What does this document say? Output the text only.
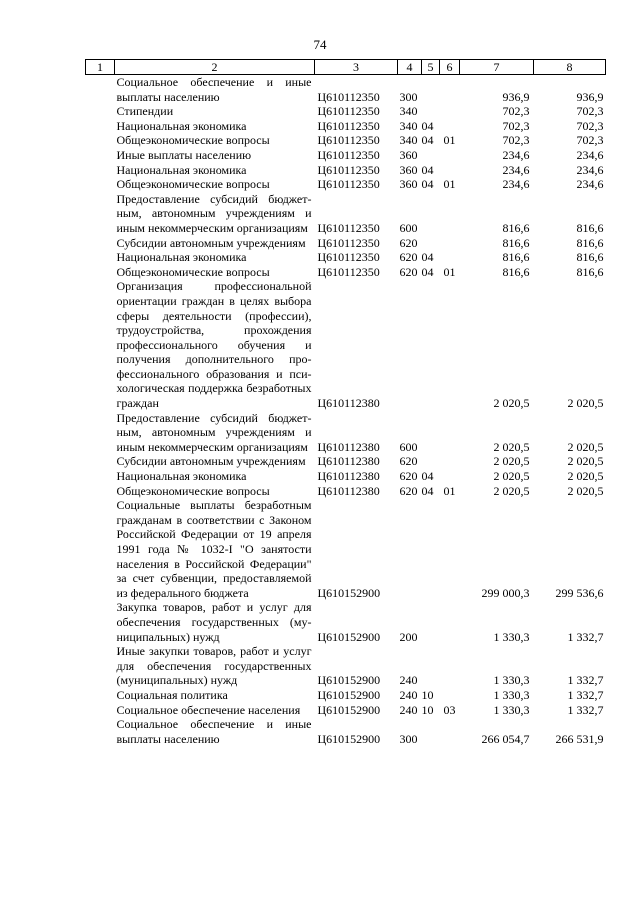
74
1	2	3	4	5	6	7	8
	Социальное обеспечение и иные выплаты населению	Ц610112350	300			936,9	936,9
	Стипендии	Ц610112350	340			702,3	702,3
	Национальная экономика	Ц610112350	340	04		702,3	702,3
	Общеэкономические вопросы	Ц610112350	340	04	01	702,3	702,3
	Иные выплаты населению	Ц610112350	360			234,6	234,6
	Национальная экономика	Ц610112350	360	04		234,6	234,6
	Общеэкономические вопросы	Ц610112350	360	04	01	234,6	234,6
	Предоставление субсидий бюджетным, автономным учреждениям и иным некоммерческим организациям	Ц610112350	600			816,6	816,6
	Субсидии автономным учреждениям	Ц610112350	620			816,6	816,6
	Национальная экономика	Ц610112350	620	04		816,6	816,6
	Общеэкономические вопросы	Ц610112350	620	04	01	816,6	816,6
	Организация профессиональной ориентации граждан в целях выбора сферы деятельности (профессии), трудоустройства, прохождения профессионального обучения и получения дополнительного профессионального образования и психологическая поддержка безработных граждан	Ц610112380				2 020,5	2 020,5
	Предоставление субсидий бюджетным, автономным учреждениям и иным некоммерческим организациям	Ц610112380	600			2 020,5	2 020,5
	Субсидии автономным учреждениям	Ц610112380	620			2 020,5	2 020,5
	Национальная экономика	Ц610112380	620	04		2 020,5	2 020,5
	Общеэкономические вопросы	Ц610112380	620	04	01	2 020,5	2 020,5
	Социальные выплаты безработным гражданам в соответствии с Законом Российской Федерации от 19 апреля 1991 года № 1032-I "О занятости населения в Российской Федерации" за счет субвенции, предоставляемой из федерального бюджета	Ц610152900				299 000,3	299 536,6
	Закупка товаров, работ и услуг для обеспечения государственных (муниципальных) нужд	Ц610152900	200			1 330,3	1 332,7
	Иные закупки товаров, работ и услуг для обеспечения государственных (муниципальных) нужд	Ц610152900	240			1 330,3	1 332,7
	Социальная политика	Ц610152900	240	10		1 330,3	1 332,7
	Социальное обеспечение населения	Ц610152900	240	10	03	1 330,3	1 332,7
	Социальное обеспечение и иные выплаты населению	Ц610152900	300			266 054,7	266 531,9
